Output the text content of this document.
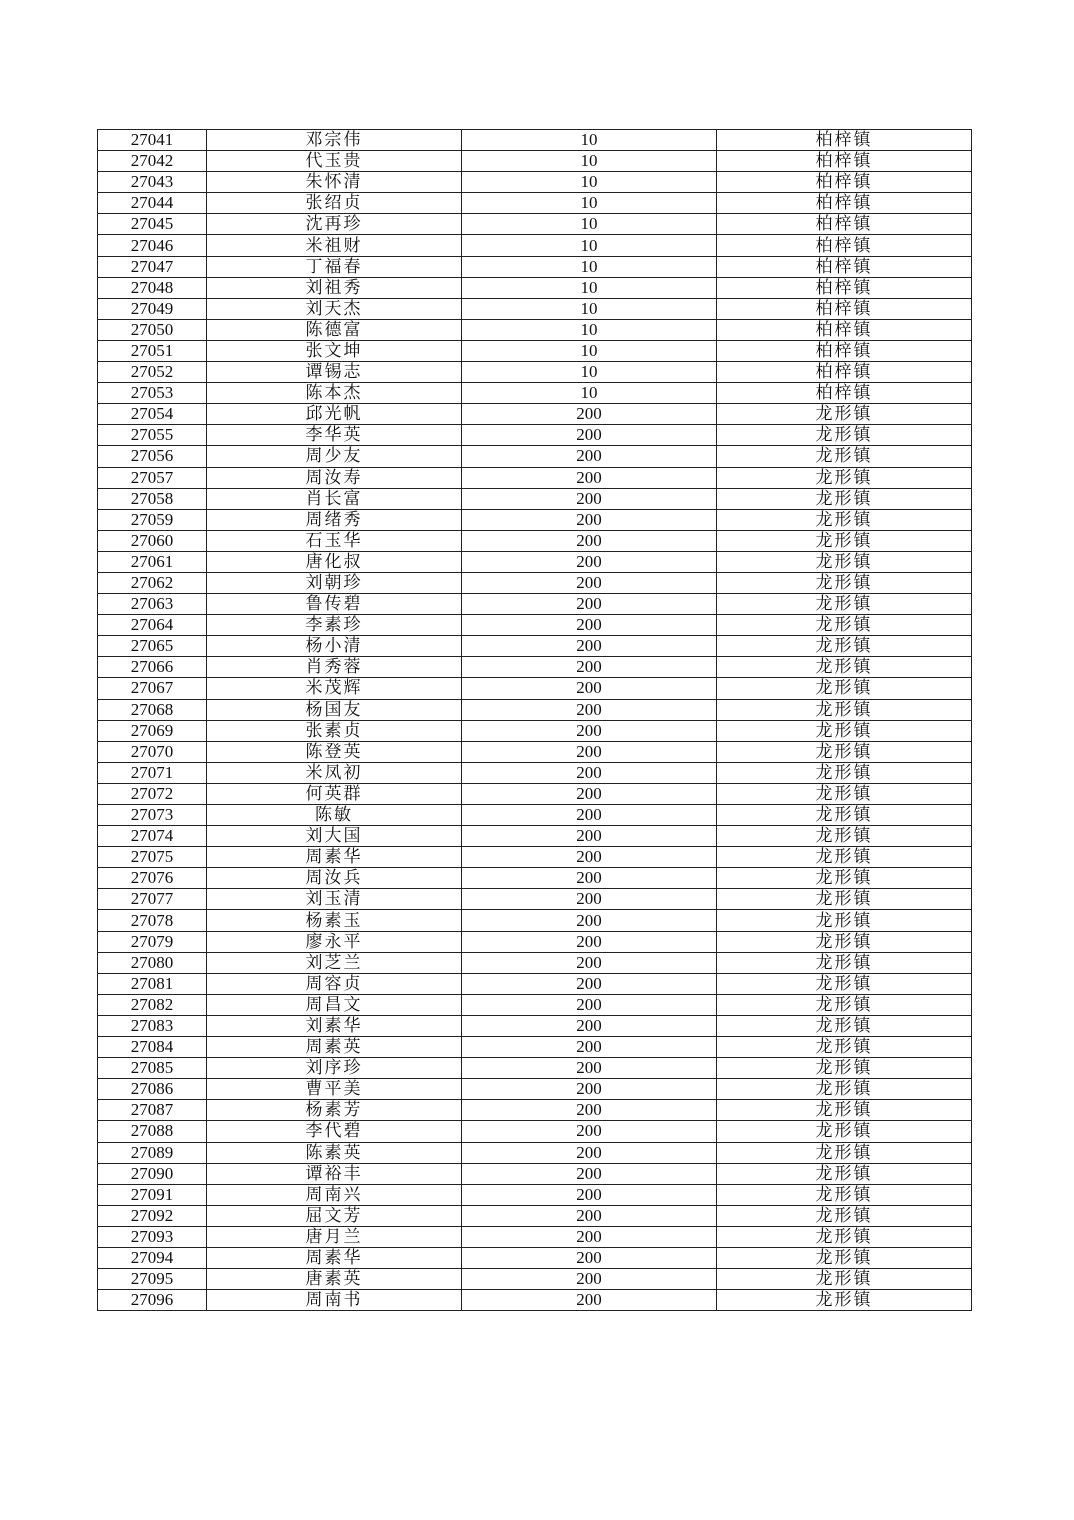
27041	邓宗伟	10	柏梓镇
27042	代玉贵	10	柏梓镇
27043	朱怀清	10	柏梓镇
27044	张绍贞	10	柏梓镇
27045	沈再珍	10	柏梓镇
27046	米祖财	10	柏梓镇
27047	丁福春	10	柏梓镇
27048	刘祖秀	10	柏梓镇
27049	刘天杰	10	柏梓镇
27050	陈德富	10	柏梓镇
27051	张文坤	10	柏梓镇
27052	谭锡志	10	柏梓镇
27053	陈本杰	10	柏梓镇
27054	邱光帆	200	龙形镇
27055	李华英	200	龙形镇
27056	周少友	200	龙形镇
27057	周汝寿	200	龙形镇
27058	肖长富	200	龙形镇
27059	周绪秀	200	龙形镇
27060	石玉华	200	龙形镇
27061	唐化叔	200	龙形镇
27062	刘朝珍	200	龙形镇
27063	鲁传碧	200	龙形镇
27064	李素珍	200	龙形镇
27065	杨小清	200	龙形镇
27066	肖秀蓉	200	龙形镇
27067	米茂辉	200	龙形镇
27068	杨国友	200	龙形镇
27069	张素贞	200	龙形镇
27070	陈登英	200	龙形镇
27071	米凤初	200	龙形镇
27072	何英群	200	龙形镇
27073	陈敏	200	龙形镇
27074	刘大国	200	龙形镇
27075	周素华	200	龙形镇
27076	周汝兵	200	龙形镇
27077	刘玉清	200	龙形镇
27078	杨素玉	200	龙形镇
27079	廖永平	200	龙形镇
27080	刘芝兰	200	龙形镇
27081	周容贞	200	龙形镇
27082	周昌文	200	龙形镇
27083	刘素华	200	龙形镇
27084	周素英	200	龙形镇
27085	刘序珍	200	龙形镇
27086	曹平美	200	龙形镇
27087	杨素芳	200	龙形镇
27088	李代碧	200	龙形镇
27089	陈素英	200	龙形镇
27090	谭裕丰	200	龙形镇
27091	周南兴	200	龙形镇
27092	屈文芳	200	龙形镇
27093	唐月兰	200	龙形镇
27094	周素华	200	龙形镇
27095	唐素英	200	龙形镇
27096	周南书	200	龙形镇
